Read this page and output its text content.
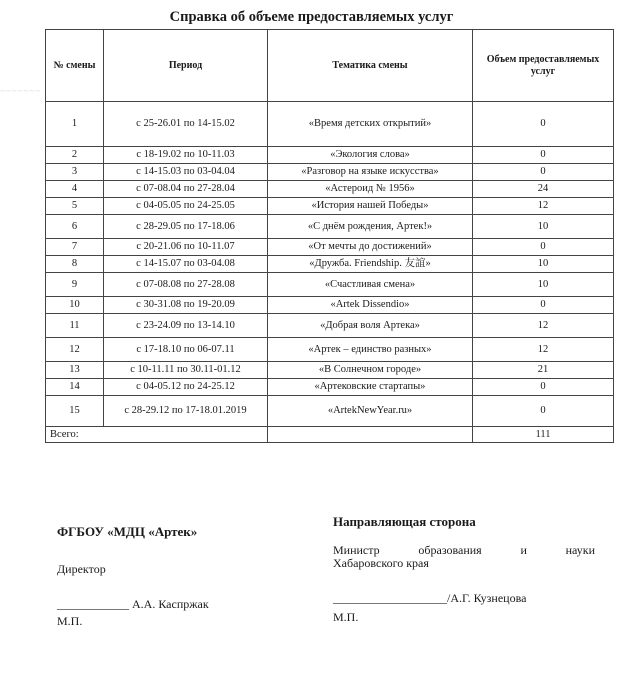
Справка об объеме предоставляемых услуг
~~~~~~~
№ смены	Период	Тематика смены	Объем предоставляемых услуг
1	с 25-26.01 по 14-15.02	«Время детских открытий»	0
2	с 18-19.02 по 10-11.03	«Экология слова»	0
3	с 14-15.03 по 03-04.04	«Разговор на языке искусства»	0
4	с 07-08.04 по 27-28.04	«Астероид № 1956»	24
5	с 04-05.05 по 24-25.05	«История нашей Победы»	12
6	с 28-29.05 по 17-18.06	«С днём рождения, Артек!»	10
7	с 20-21.06 по 10-11.07	«От мечты до достижений»	0
8	с 14-15.07 по 03-04.08	«Дружба. Friendship. 友誼»	10
9	с 07-08.08 по 27-28.08	«Счастливая смена»	10
10	с 30-31.08 по 19-20.09	«Artek Dissendio»	0
11	с 23-24.09 по 13-14.10	«Добрая воля Артека»	12
12	с 17-18.10 по 06-07.11	«Артек – единство разных»	12
13	с 10-11.11 по 30.11-01.12	«В Солнечном городе»	21
14	с 04-05.12 по 24-25.12	«Артековские стартапы»	0
15	с 28-29.12 по 17-18.01.2019	«ArtekNewYear.ru»	0
Всего:			111
ФГБОУ «МДЦ «Артек»
Директор
____________ А.А. Каспржак
М.П.
Направляющая сторона
Министр образования и науки
Хабаровского края
___________________/А.Г. Кузнецова
М.П.
